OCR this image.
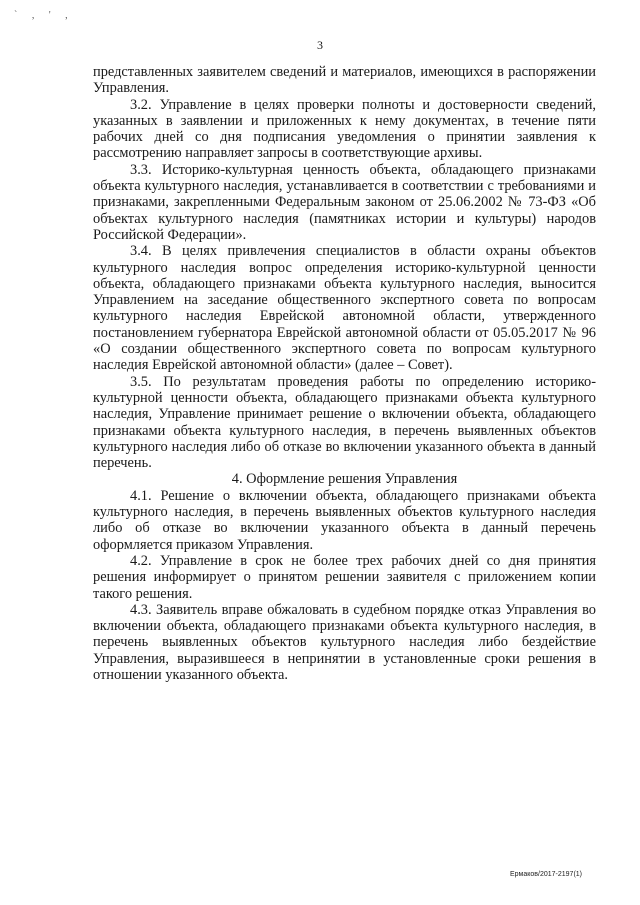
` , ' ,
3

представленных заявителем сведений и материалов, имеющихся в распоряжении Управления.

3.2. Управление в целях проверки полноты и достоверности сведений, указанных в заявлении и приложенных к нему документах, в течение пяти рабочих дней со дня подписания уведомления о принятии заявления к рассмотрению направляет запросы в соответствующие архивы.

3.3. Историко-культурная ценность объекта, обладающего признаками объекта культурного наследия, устанавливается в соответствии с требованиями и признаками, закрепленными Федеральным законом от 25.06.2002 № 73-ФЗ «Об объектах культурного наследия (памятниках истории и культуры) народов Российской Федерации».

3.4. В целях привлечения специалистов в области охраны объектов культурного наследия вопрос определения историко-культурной ценности объекта, обладающего признаками объекта культурного наследия, выносится Управлением на заседание общественного экспертного совета по вопросам культурного наследия Еврейской автономной области, утвержденного постановлением губернатора Еврейской автономной области от 05.05.2017 № 96 «О создании общественного экспертного совета по вопросам культурного наследия Еврейской автономной области» (далее – Совет).

3.5. По результатам проведения работы по определению историко-культурной ценности объекта, обладающего признаками объекта культурного наследия, Управление принимает решение о включении объекта, обладающего признаками объекта культурного наследия, в перечень выявленных объектов культурного наследия либо об отказе во включении указанного объекта в данный перечень.

4. Оформление решения Управления

4.1. Решение о включении объекта, обладающего признаками объекта культурного наследия, в перечень выявленных объектов культурного наследия либо об отказе во включении указанного объекта в данный перечень оформляется приказом Управления.

4.2. Управление в срок не более трех рабочих дней со дня принятия решения информирует о принятом решении заявителя с приложением копии такого решения.

4.3. Заявитель вправе обжаловать в судебном порядке отказ Управления во включении объекта, обладающего признаками объекта культурного наследия, в перечень выявленных объектов культурного наследия либо бездействие Управления, выразившееся в непринятии в установленные сроки решения в отношении указанного объекта.

Ермаков/2017-2197(1)
